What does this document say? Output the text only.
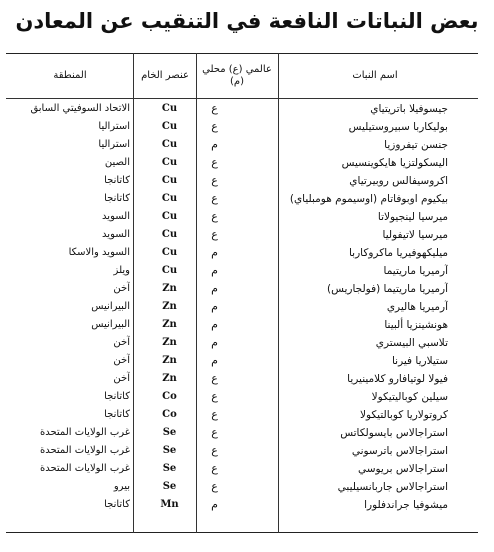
بعض النباتات النافعة في التنقيب عن المعادن
اسم النبات
عالمي (ع) محلي (م)
عنصر الخام
المنطقة
جيسوفيلا باتريتياي
ع
Cu
الاتحاد السوفيتي السابق
بوليكاربا سبيروستيليس
ع
Cu
استراليا
جنسن تيفروزيا
م
Cu
استراليا
اليسكولتزيا هايكوينسيس
ع
Cu
الصين
اكروسيفالس روبيرتياي
ع
Cu
كاتانجا
بيكيوم اوبوفاتام (اوسيموم هومبلياي)
ع
Cu
كاتانجا
ميرسيا لينجيولاتا
ع
Cu
السويد
ميرسيا لاتيفوليا
ع
Cu
السويد
ميليكهوفيريا ماكروكاربا
م
Cu
السويد والاسكا
آرميريا ماريتيما
م
Cu
ويلز
آرميريا ماريتيما (فولجاريس)
م
Zn
آخن
آرميريا هاليري
م
Zn
البيرانيس
هونشينزيا ألبينا
م
Zn
البيرانيس
تلاسبي البيستري
م
Zn
آخن
ستيلاريا فيرنا
م
Zn
آخن
فيولا لوتيافارو كلامينيريا
ع
Zn
آخن
سيلين كوباليتيكولا
ع
Co
كاتانجا
كروتولاريا كوبالتيكولا
ع
Co
كاتانجا
استراجالاس بايسولكاتس
ع
Se
غرب الولايات المتحدة
استراجالاس باترسوني
ع
Se
غرب الولايات المتحدة
استراجالاس بريوسي
ع
Se
غرب الولايات المتحدة
استراجالاس جاربانسيليبي
ع
Se
بيرو
ميشوفيا جراندفلورا
م
Mn
كاتانجا
